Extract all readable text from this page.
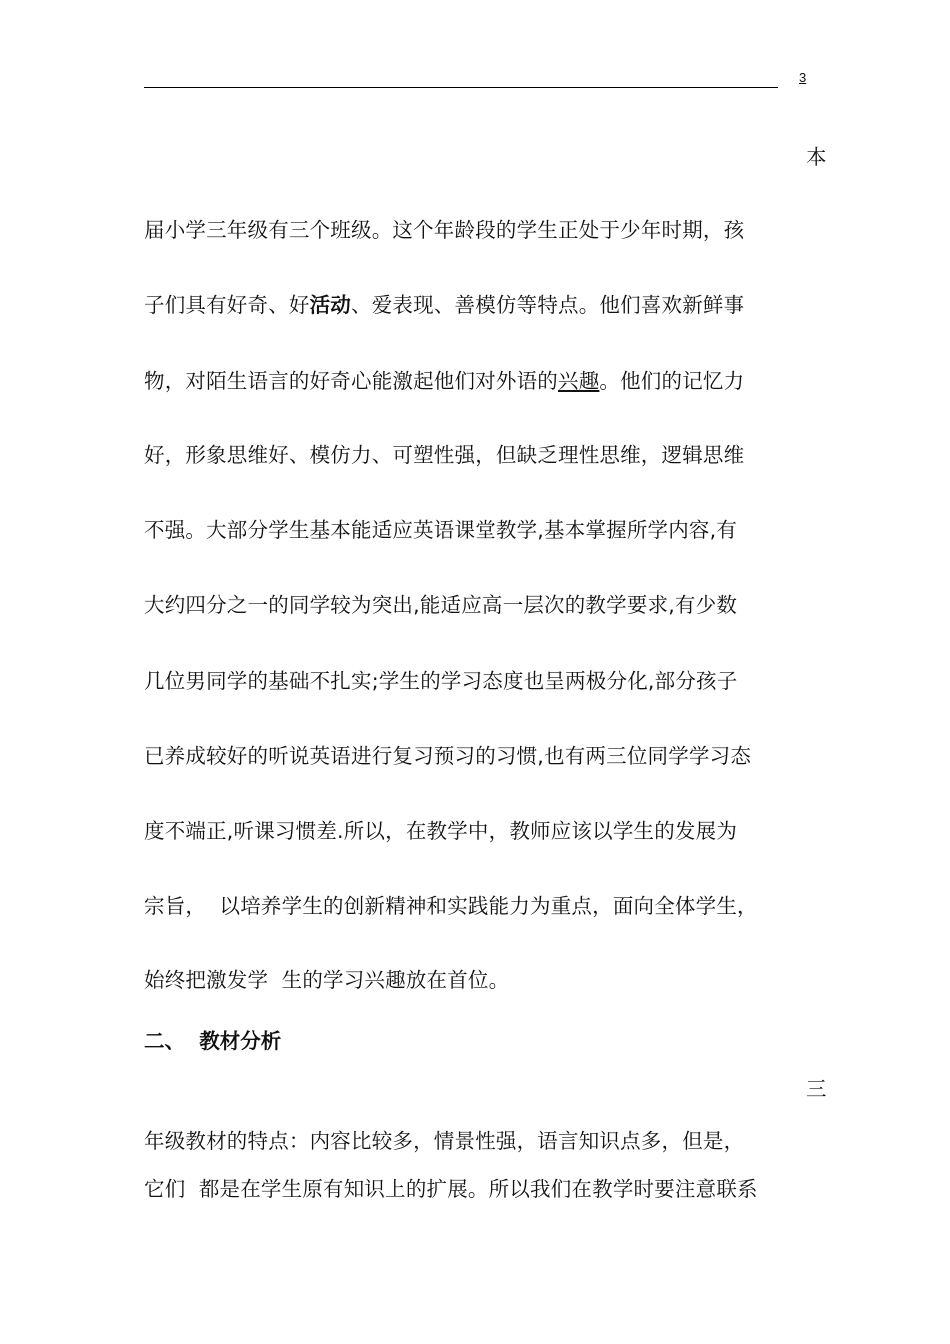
3
本
届小学三年级有三个班级。这个年龄段的学生正处于少年时期，孩
子们具有好奇、好活动、爱表现、善模仿等特点。他们喜欢新鲜事
物，对陌生语言的好奇心能激起他们对外语的兴趣。他们的记忆力
好，形象思维好、模仿力、可塑性强，但缺乏理性思维，逻辑思维
不强。大部分学生基本能适应英语课堂教学,基本掌握所学内容,有
大约四分之一的同学较为突出,能适应高一层次的教学要求,有少数
几位男同学的基础不扎实;学生的学习态度也呈两极分化,部分孩子
已养成较好的听说英语进行复习预习的习惯,也有两三位同学学习态
度不端正,听课习惯差.所以，在教学中，教师应该以学生的发展为
宗旨，  以培养学生的创新精神和实践能力为重点，面向全体学生，
始终把激发学  生的学习兴趣放在首位。
二、  教材分析
三
年级教材的特点：内容比较多，情景性强，语言知识点多，但是，
它们  都是在学生原有知识上的扩展。所以我们在教学时要注意联系
